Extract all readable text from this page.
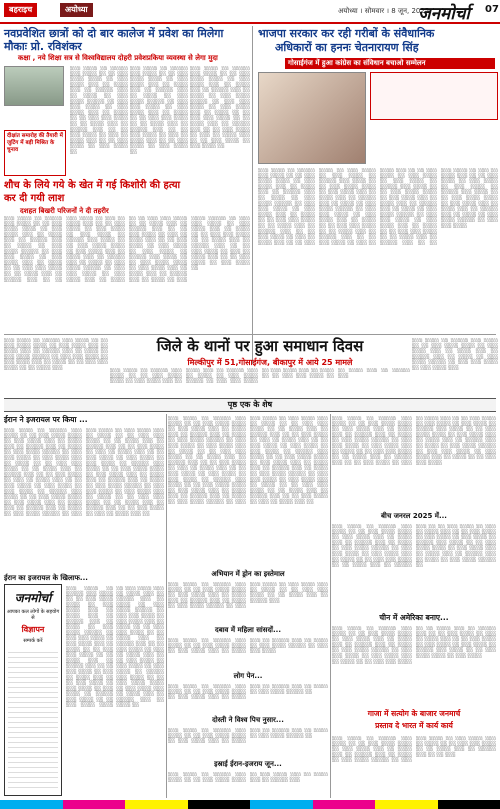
बहराइच	अयोध्या	अयोध्या । सोमवार । 8 जून, 2025
जनमोर्चा 07
नवप्रवेशित छात्रों को दो बार कालेज में प्रवेश का मिलेगा मौकाः प्रो. रविशंकर
कक्षा , नये शिक्षा सत्र से विश्वविद्यालय दोहरी प्रवेशप्रकिया व्यवस्था से लेगा मुदा
भाजपा सरकार कर रही गरीबों के संवैधानिक
अधिकारों का हननः चेतनारायण सिंह
गोसाईगंज में हुआ कांग्रेस का संविधान बचाओ सम्मेलन

░░░ ░░░░ ░░ ░░░░░ ░░░ ░░░░ ░░ ░░ ░░░ ░░░░ ░░░░ ░░ ░░░ ░░░░ ░░░ ░░ ░░░░ ░░░ ░░ ░░░░░ ░░░ ░░ ░░░░ ░░ ░░░ ░░░░ ░░░░░ ░░ ░░░ ░░░ ░░░░ ░░ ░░░ ░░░░ ░░░ ░░ ░░░░ ░░ ░░ ░░░ ░░░ ░░░░ ░░ ░░ ░░░░ ░░░ ░░ ░░░░░ ░░░ ░░ ░░ ░░░ ░░░░ ░░ ░░░ ░░ ░░░░ ░░░ ░░ ░░ ░░░ ░░░░ ░░ ░░░ ░░░░ ░░

░░░ ░░░░ ░░ ░░░░░ ░░░ ░░░░ ░░ ░░ ░░░ ░░░░ ░░░░ ░░ ░░░ ░░░░ ░░░ ░░ ░░░░ ░░░ ░░ ░░░░░ ░░░ ░░ ░░░░ ░░ ░░░ ░░░░ ░░░░░ ░░ ░░░ ░░░ ░░░░ ░░ ░░░ ░░░░ ░░░ ░░ ░░░░ ░░ ░░ ░░░ ░░░ ░░░░ ░░ ░░ ░░░░ ░░░ ░░ ░░░░░ ░░░ ░░ ░░ ░░░ ░░░░ ░░ ░░░ ░░ ░░░░ ░░░ ░░ ░░ ░░░ ░░░░ ░░ ░░░ ░░░░ ░░

░░░ ░░░░ ░░ ░░░░░ ░░░ ░░░░ ░░ ░░ ░░░ ░░░░ ░░░░ ░░ ░░░ ░░░░ ░░░ ░░ ░░░░ ░░░ ░░ ░░░░░ ░░░ ░░ ░░░░ ░░ ░░░ ░░░░ ░░░░░ ░░ ░░░ ░░░ ░░░░ ░░ ░░░ ░░░░ ░░░ ░░ ░░░░ ░░ ░░ ░░░ ░░░ ░░░░ ░░ ░░ ░░░░ ░░░ ░░ ░░░░░ ░░░ ░░ ░░ ░░░ ░░░░ ░░ ░░░ ░░ ░░░░ ░░░ ░░ ░░ ░░░ ░░░░ ░░ ░░░ ░░░░ ░░

दीक्षांत समारोह की तैयारी में जुटिंग में बड़ी मिश्रित के चुनाव
शौच के लिये गये के खेत में गई किशोरी की हत्या
कर दी गयी लाश
दशहत बिखरी परिजनों ने दी तहरीर

░░░ ░░░░ ░░ ░░░░░ ░░░ ░░░░ ░░ ░░ ░░░ ░░░░ ░░░░ ░░ ░░░ ░░░░ ░░░ ░░ ░░░░ ░░░ ░░ ░░░░░ ░░░ ░░ ░░░░ ░░ ░░░ ░░░░ ░░░░░ ░░ ░░░ ░░░ ░░░░ ░░ ░░░ ░░░░ ░░░ ░░ ░░░░ ░░ ░░ ░░░ ░░░ ░░░░ ░░ ░░ ░░░░ ░░░ ░░ ░░░░░ ░░░ ░░ ░░ ░░░ ░░░░ ░░ ░░░ ░░ ░░░░ ░░░ ░░ ░░ ░░░ ░░░░ ░░ ░░░ ░░░░ ░░ ░░░ ░░░░ ░░ ░░░░░ ░░░ ░░░░ ░░ ░░ ░░░ ░░░░ ░░░░ ░░ ░░░ ░░░░ ░░░ ░░ ░░░░ ░░░ ░░ ░░░░░ ░░░ ░░ ░░░░ ░░ ░░░ ░░░░ ░░░░░ ░░ ░░░ ░░░ ░░░░ ░░ ░░░ ░░░░ ░░░ ░░ ░░░░ ░░ ░░ ░░░ ░░░ ░░░░ ░░ ░░ ░░░░ ░░░ ░░ ░░░░░ ░░░ ░░ ░░ ░░░ ░░░░ ░░ ░░░ ░░ ░░░░ ░░░ ░░ ░░ ░░░ ░░░░ ░░ ░░░ ░░░░ ░░ ░░░ ░░░░ ░░ ░░░░░ ░░░ ░░░░ ░░ ░░ ░░░ ░░░░ ░░░░ ░░ ░░░ ░░░░ ░░░ ░░ ░░░░ ░░░ ░░ ░░░░░ ░░░ ░░ ░░░░ ░░ ░░░ ░░░░ ░░░░░ ░░ ░░░ ░░░ ░░░░ ░░ ░░░ ░░░░ ░░░ ░░ ░░░░ ░░ ░░ ░░░ ░░░ ░░░░ ░░ ░░ ░░░░ ░░░ ░░ ░░░░░ ░░░ ░░ ░░ ░░░ ░░░░ ░░ ░░░ ░░ ░░░░ ░░░ ░░ ░░ ░░░ ░░░░ ░░ ░░░ ░░░░ ░░

░░░ ░░░░ ░░ ░░░░░ ░░░ ░░░░ ░░ ░░ ░░░ ░░░░ ░░░░ ░░ ░░░ ░░░░ ░░░ ░░ ░░░░ ░░░ ░░ ░░░░░ ░░░ ░░ ░░░░ ░░ ░░░ ░░░░ ░░░░░ ░░ ░░░ ░░░ ░░░░ ░░ ░░░ ░░░░ ░░░ ░░ ░░░░ ░░ ░░ ░░░ ░░░ ░░░░ ░░ ░░ ░░░░ ░░░ ░░ ░░░░░ ░░░ ░░ ░░ ░░░ ░░░░ ░░ ░░░ ░░ ░░░░ ░░░ ░░ ░░ ░░░ ░░░░ ░░ ░░░ ░░░░ ░░ ░░░ ░░░░ ░░ ░░░░░ ░░░ ░░░░ ░░ ░░ ░░░ ░░░░ ░░░░ ░░ ░░░ ░░░░ ░░░ ░░ ░░░░ ░░░ ░░ ░░░░░ ░░░ ░░ ░░░░ ░░ ░░░ ░░░░ ░░░░░ ░░ ░░░ ░░░ ░░░░ ░░ ░░░ ░░░░ ░░░ ░░ ░░░░ ░░ ░░ ░░░ ░░░ ░░░░ ░░ ░░ ░░░░ ░░░ ░░ ░░░░░ ░░░ ░░ ░░ ░░░ ░░░░ ░░ ░░░ ░░ ░░░░ ░░░ ░░ ░░ ░░░ ░░░░ ░░ ░░░ ░░░░ ░░ ░░░ ░░░░ ░░ ░░░░░ ░░░ ░░░░ ░░ ░░ ░░░ ░░░░ ░░░░ ░░ ░░░ ░░░░ ░░░ ░░ ░░░░ ░░░ ░░ ░░░░░ ░░░ ░░ ░░░░ ░░ ░░░ ░░░░ ░░░░░ ░░ ░░░ ░░░ ░░░░ ░░ ░░░ ░░░░ ░░░ ░░ ░░░░ ░░ ░░ ░░░ ░░░ ░░░░ ░░ ░░ ░░░░ ░░░ ░░ ░░░░░ ░░░ ░░ ░░ ░░░ ░░░░ ░░ ░░░ ░░ ░░░░ ░░░ ░░ ░░ ░░░ ░░░░ ░░ ░░░ ░░░░ ░░ ░░░ ░░░░ ░░ ░░░░░ ░░░ ░░░░ ░░ ░░ ░░░ ░░░░ ░░░░ ░░ ░░░ ░░░░ ░░░ ░░ ░░░░ ░░░ ░░ ░░░░░ ░░░ ░░ ░░░░ ░░ ░░░ ░░░░ ░░░░░ ░░ ░░░ ░░░ ░░░░

जिले के थानों पर हुआ समाधान दिवस
मिल्कीपुर में 51,गोसाईगंज, बीकापुर में आये 25 मामले

░░░ ░░░░ ░░ ░░░░░ ░░░ ░░░░ ░░ ░░ ░░░ ░░░░ ░░░░ ░░ ░░░ ░░░░ ░░░ ░░ ░░░░ ░░░ ░░ ░░░░░ ░░░ ░░ ░░░░ ░░ ░░░ ░░░░ ░░░░░ ░░ ░░░ ░░░ ░░░░ ░░ ░░░ ░░░░ ░░░ ░░ ░░░░ ░░ ░░ ░░░ ░░░ ░░░░ ░░ ░░ ░░░░ ░░░

░░░ ░░░░ ░░ ░░░░░ ░░░ ░░░░ ░░ ░░ ░░░ ░░░░ ░░░░ ░░ ░░░ ░░░░ ░░░ ░░ ░░░░ ░░░ ░░ ░░░░░ ░░░ ░░ ░░░░ ░░ ░░░ ░░░░ ░░░░░ ░░ ░░░ ░░░ ░░░░ ░░ ░░░ ░░░░ ░░░

░░░ ░░░░ ░░ ░░░░░ ░░░ ░░░░ ░░ ░░ ░░░ ░░░░ ░░░░ ░░ ░░░ ░░░░ ░░░ ░░ ░░░░ ░░░ ░░ ░░░░░ ░░░ ░░ ░░░░ ░░ ░░░ ░░░░ ░░░░░ ░░ ░░░ ░░░ ░░░░ ░░ ░░░ ░░░░ ░░░ ░░ ░░░░ ░░ ░░ ░░░ ░░░ ░░░░ ░░ ░░ ░░░░ ░░░ ░░ ░░░░░ ░░░

पृष्ठ एक के शेष
ईरान ने इजरायल पर किया ...

░░░ ░░░░ ░░ ░░░░░ ░░░ ░░░░ ░░ ░░ ░░░ ░░░░ ░░░░ ░░ ░░░ ░░░░ ░░░ ░░ ░░░░ ░░░ ░░ ░░░░░ ░░░ ░░ ░░░░ ░░ ░░░ ░░░░ ░░░░░ ░░ ░░░ ░░░ ░░░░ ░░ ░░░ ░░░░ ░░░ ░░ ░░░░ ░░ ░░ ░░░ ░░░ ░░░░ ░░ ░░ ░░░░ ░░░ ░░ ░░░░░ ░░░ ░░ ░░ ░░░ ░░░░ ░░ ░░░ ░░ ░░░░ ░░░ ░░ ░░ ░░░ ░░░░ ░░ ░░░ ░░░░ ░░ ░░░ ░░░░ ░░ ░░░░░ ░░░ ░░░░ ░░ ░░ ░░░ ░░░░ ░░░░ ░░ ░░░ ░░░░ ░░░ ░░ ░░░░ ░░░ ░░ ░░░░░ ░░░ ░░ ░░░░ ░░ ░░░ ░░░░ ░░░░░ ░░ ░░░ ░░░ ░░░░ ░░ ░░░ ░░░░ ░░░ ░░ ░░░░ ░░ ░░ ░░░ ░░░ ░░░░ ░░ ░░ ░░░░ ░░░ ░░ ░░░░░ ░░░ ░░ ░░ ░░░ ░░░░ ░░ ░░░ ░░ ░░░░ ░░░ ░░ ░░ ░░░ ░░░░ ░░ ░░░ ░░░░ ░░ ░░░ ░░░░ ░░ ░░░░░ ░░░ ░░░░ ░░ ░░ ░░░ ░░░░ ░░░░ ░░ ░░░ ░░░░ ░░░ ░░ ░░░░ ░░░ ░░ ░░░░░ ░░░ ░░ ░░░░ ░░ ░░░ ░░░░ ░░░░░ ░░ ░░░ ░░░ ░░░░ ░░ ░░░ ░░░░ ░░░ ░░ ░░░░ ░░ ░░ ░░░ ░░░ ░░░░ ░░ ░░ ░░░░ ░░░ ░░ ░░░░░ ░░░ ░░ ░░ ░░░ ░░░░ ░░ ░░░ ░░ ░░░░ ░░░ ░░

ईरान का इजरायल के खिलाफ...

░░░ ░░░░ ░░ ░░░░░ ░░░ ░░░░ ░░ ░░ ░░░ ░░░░ ░░░░ ░░ ░░░ ░░░░ ░░░ ░░ ░░░░ ░░░ ░░ ░░░░░ ░░░ ░░ ░░░░ ░░ ░░░ ░░░░ ░░░░░ ░░ ░░░ ░░░ ░░░░ ░░ ░░░ ░░░░ ░░░ ░░ ░░░░ ░░ ░░ ░░░ ░░░ ░░░░ ░░ ░░ ░░░░ ░░░ ░░ ░░░░░ ░░░ ░░ ░░ ░░░ ░░░░ ░░ ░░░ ░░ ░░░░ ░░░ ░░ ░░ ░░░ ░░░░ ░░ ░░░ ░░░░ ░░ ░░░ ░░░░ ░░ ░░░░░ ░░░ ░░░░ ░░ ░░ ░░░ ░░░░ ░░░░ ░░ ░░░ ░░░░ ░░░ ░░ ░░░░ ░░░ ░░ ░░░░░ ░░░ ░░ ░░░░ ░░ ░░░ ░░░░ ░░░░░ ░░ ░░░ ░░░ ░░░░ ░░ ░░░ ░░░░ ░░░ ░░ ░░░░ ░░ ░░ ░░░ ░░░ ░░░░ ░░ ░░ ░░░░ ░░░ ░░ ░░░░░ ░░░ ░░ ░░ ░░░ ░░░░ ░░ ░░░ ░░ ░░░░ ░░░ ░░ ░░ ░░░ ░░░░ ░░ ░░░ ░░░░ ░░ ░░░ ░░░░ ░░ ░░░░░ ░░░ ░░░░ ░░ ░░ ░░░ ░░░░ ░░░░ ░░ ░░░ ░░░░ ░░░ ░░ ░░░░ ░░░ ░░ ░░░░░ ░░░ ░░ ░░░░ ░░

जनमोर्चा
आपका कल लोगों के सहयोग से
विज्ञापन
सम्पर्क करें

░░░ ░░░░ ░░ ░░░░░ ░░░ ░░░░ ░░ ░░ ░░░ ░░░░ ░░░░ ░░ ░░░ ░░░░ ░░░ ░░ ░░░░ ░░░ ░░ ░░░░░ ░░░ ░░ ░░░░ ░░ ░░░ ░░░░ ░░░░░ ░░ ░░░ ░░░ ░░░░ ░░ ░░░ ░░░░ ░░░ ░░ ░░░░ ░░ ░░ ░░░ ░░░ ░░░░ ░░ ░░ ░░░░ ░░░ ░░ ░░░░░ ░░░ ░░ ░░ ░░░ ░░░░ ░░ ░░░ ░░ ░░░░ ░░░ ░░ ░░ ░░░ ░░░░ ░░ ░░░ ░░░░ ░░ ░░░ ░░░░ ░░ ░░░░░ ░░░ ░░░░ ░░ ░░ ░░░ ░░░░ ░░░░ ░░ ░░░ ░░░░ ░░░ ░░ ░░░░ ░░░ ░░ ░░░░░ ░░░ ░░ ░░░░ ░░ ░░░ ░░░░ ░░░░░ ░░ ░░░ ░░░ ░░░░ ░░ ░░░ ░░░░ ░░░ ░░ ░░░░ ░░ ░░ ░░░ ░░░ ░░░░ ░░ ░░ ░░░░ ░░░ ░░ ░░░░░ ░░░ ░░ ░░ ░░░ ░░░░ ░░ ░░░ ░░ ░░░░ ░░░ ░░ ░░ ░░░ ░░░░ ░░ ░░░ ░░░░ ░░ ░░░ ░░░░ ░░ ░░░░░ ░░░ ░░░░ ░░ ░░ ░░░ ░░░░ ░░░░ ░░ ░░░ ░░░░ ░░░ ░░ ░░░░ ░░░ ░░ ░░░░░ ░░░ ░░ ░░░░ ░░ ░░░ ░░░░ ░░░░░ ░░ ░░░ ░░░ ░░░░ ░░ ░░░ ░░░░ ░░░ ░░ ░░░░ ░░ ░░ ░░░ ░░░ ░░░░ ░░ ░░ ░░░░ ░░░ ░░ ░░░░░ ░░░ ░░ ░░ ░░░ ░░░░ ░░ ░░░ ░░ ░░░░ ░░░ ░░

अभियान में ड्रोन का इस्तेमाल

░░░ ░░░░ ░░ ░░░░░ ░░░ ░░░░ ░░ ░░ ░░░ ░░░░ ░░░░ ░░ ░░░ ░░░░ ░░░ ░░ ░░░░ ░░░ ░░ ░░░░░ ░░░ ░░ ░░░░ ░░ ░░░ ░░░░ ░░░░░ ░░ ░░░ ░░░ ░░░░ ░░ ░░░ ░░░░ ░░░ ░░ ░░░░ ░░ ░░ ░░░ ░░░ ░░░░ ░░ ░░ ░░░░ ░░░ ░░ ░░░░░ ░░░

दबाव में महिला सांसदों...

░░░ ░░░░ ░░ ░░░░░ ░░░ ░░░░ ░░ ░░ ░░░ ░░░░ ░░░░ ░░ ░░░ ░░░░ ░░░ ░░ ░░░░ ░░░ ░░ ░░░░░ ░░░ ░░ ░░░░ ░░ ░░░ ░░░░ ░░░░░ ░░ ░░░ ░░░ ░░░░

लोग पेन...

░░░ ░░░░ ░░ ░░░░░ ░░░ ░░░░ ░░ ░░ ░░░ ░░░░ ░░░░ ░░ ░░░ ░░░░ ░░░ ░░ ░░░░ ░░░ ░░ ░░░░░ ░░░ ░░ ░░░░ ░░ ░░░ ░░░░ ░░░░░ ░░

दोस्ती ने विश्व पिच नुसार...

░░░ ░░░░ ░░ ░░░░░ ░░░ ░░░░ ░░ ░░ ░░░ ░░░░ ░░░░ ░░ ░░░ ░░░░ ░░░ ░░ ░░░░ ░░░ ░░ ░░░░░ ░░░ ░░ ░░░░ ░░ ░░░ ░░░░ ░░░░░ ░░

इस्राई ईरान-इजराय जून...

░░░ ░░░░ ░░ ░░░░░ ░░░ ░░░░ ░░ ░░ ░░░ ░░░░ ░░░░ ░░ ░░░ ░░░░ ░░░ ░░ ░░░░ ░░░ ░░ ░░░░░ ░░░

░░░ ░░░░ ░░ ░░░░░ ░░░ ░░░░ ░░ ░░ ░░░ ░░░░ ░░░░ ░░ ░░░ ░░░░ ░░░ ░░ ░░░░ ░░░ ░░ ░░░░░ ░░░ ░░ ░░░░ ░░ ░░░ ░░░░ ░░░░░ ░░ ░░░ ░░░ ░░░░ ░░ ░░░ ░░░░ ░░░ ░░ ░░░░ ░░ ░░ ░░░ ░░░ ░░░░ ░░ ░░ ░░░░ ░░░ ░░ ░░░░░ ░░░ ░░ ░░ ░░░ ░░░░ ░░ ░░░ ░░ ░░░░ ░░░ ░░ ░░ ░░░ ░░░░ ░░ ░░░ ░░░░ ░░ ░░░ ░░░░ ░░ ░░░░░ ░░░ ░░░░ ░░ ░░ ░░░ ░░░░ ░░░░ ░░ ░░░ ░░░░ ░░░ ░░ ░░░░ ░░░ ░░ ░░░░░ ░░░ ░░ ░░░░ ░░ ░░░ ░░░░ ░░░░░ ░░ ░░░ ░░░ ░░░░ ░░ ░░░ ░░░░ ░░░ ░░ ░░░░ ░░ ░░ ░░░ ░░░ ░░░░

बीच जनरल 2025 में...

░░░ ░░░░ ░░ ░░░░░ ░░░ ░░░░ ░░ ░░ ░░░ ░░░░ ░░░░ ░░ ░░░ ░░░░ ░░░ ░░ ░░░░ ░░░ ░░ ░░░░░ ░░░ ░░ ░░░░ ░░ ░░░ ░░░░ ░░░░░ ░░ ░░░ ░░░ ░░░░ ░░ ░░░ ░░░░ ░░░ ░░ ░░░░ ░░ ░░ ░░░ ░░░ ░░░░ ░░ ░░ ░░░░ ░░░ ░░ ░░░░░ ░░░ ░░ ░░ ░░░ ░░░░ ░░ ░░░ ░░ ░░░░ ░░░ ░░ ░░ ░░░ ░░░░ ░░ ░░░ ░░░░ ░░ ░░░ ░░░░ ░░ ░░░░░ ░░░ ░░░░ ░░ ░░ ░░░ ░░░░ ░░░░ ░░ ░░░ ░░░░ ░░░ ░░ ░░░░ ░░░ ░░ ░░░░░ ░░░ ░░ ░░░░ ░░ ░░░ ░░░░ ░░░░░ ░░

चीन में अमेरिका बनाए...

░░░ ░░░░ ░░ ░░░░░ ░░░ ░░░░ ░░ ░░ ░░░ ░░░░ ░░░░ ░░ ░░░ ░░░░ ░░░ ░░ ░░░░ ░░░ ░░ ░░░░░ ░░░ ░░ ░░░░ ░░ ░░░ ░░░░ ░░░░░ ░░ ░░░ ░░░ ░░░░ ░░ ░░░ ░░░░ ░░░ ░░ ░░░░ ░░ ░░ ░░░ ░░░ ░░░░ ░░ ░░ ░░░░ ░░░ ░░ ░░░░░ ░░░ ░░ ░░ ░░░ ░░░░ ░░ ░░░ ░░ ░░░░ ░░░ ░░ ░░ ░░░ ░░░░ ░░ ░░░ ░░░░ ░░ ░░░ ░░░░ ░░ ░░░░░ ░░░ ░░░░ ░░ ░░ ░░░ ░░░░ ░░░░ ░░ ░░░ ░░░░

गाजा में सत्योग के बाजार जनमार्च
प्रस्ताव दे भारत में कार्य कार्य

░░░ ░░░░ ░░ ░░░░░ ░░░ ░░░░ ░░ ░░ ░░░ ░░░░ ░░░░ ░░ ░░░ ░░░░ ░░░ ░░ ░░░░ ░░░ ░░ ░░░░░ ░░░ ░░ ░░░░ ░░ ░░░ ░░░░ ░░░░░ ░░ ░░░ ░░░ ░░░░ ░░ ░░░ ░░░░ ░░░ ░░ ░░░░ ░░ ░░ ░░░ ░░░ ░░░░ ░░ ░░ ░░░░ ░░░ ░░ ░░░░░ ░░░ ░░ ░░ ░░░
